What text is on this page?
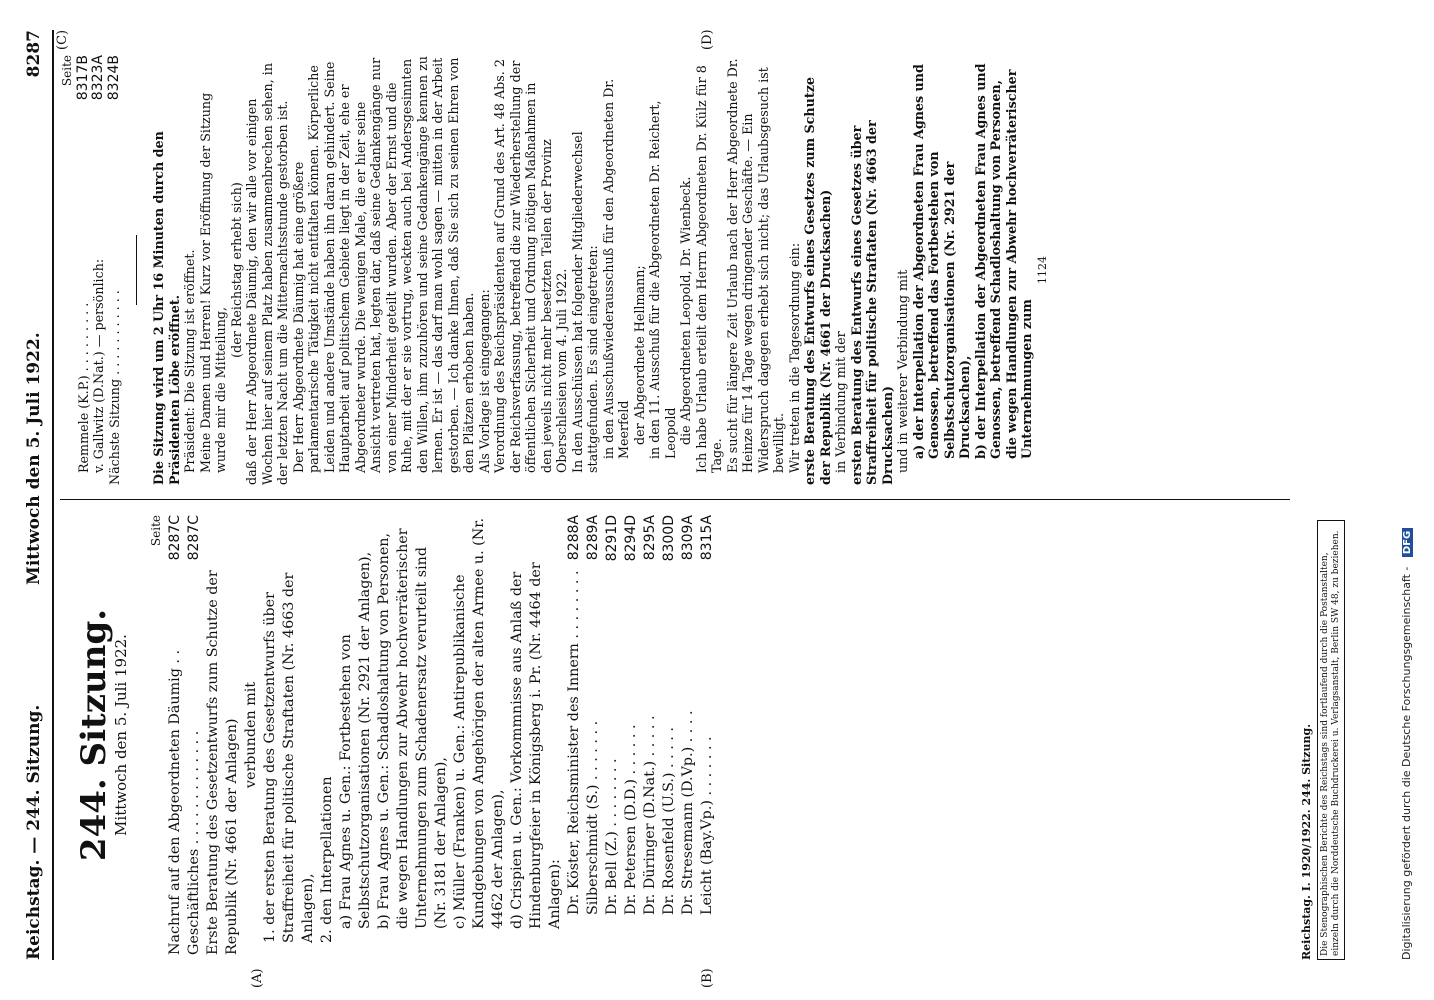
Digitalisierung gefördert durch die Deutsche Forschungsgemeinschaft - DFG
Reichstag. — 244. Sitzung.
Mittwoch den 5. Juli 1922.
8287
(A)	(B)
(C)	(D)
244. Sitzung.
Mittwoch den 5. Juli 1922.
Seite
Nachruf auf den Abgeordneten Däumig . .
8287C
Geschäftliches . . . . . . . . . . . . .
8287C

Erste Beratung des Gesetzentwurfs zum Schutze der Republik (Nr. 4661 der Anlagen) verbunden mit 1. der ersten Beratung des Gesetzentwurfs über Straffreiheit für politische Straftaten (Nr. 4663 der Anlagen), 2. den Interpellationen a) Frau Agnes u. Gen.: Fortbestehen von Selbstschutzorganisationen (Nr. 2921 der Anlagen), b) Frau Agnes u. Gen.: Schadloshaltung von Personen, die wegen Handlungen zur Abwehr hochverräterischer Unternehmungen zum Schadenersatz verurteilt sind (Nr. 3181 der Anlagen), c) Müller (Franken) u. Gen.: Antirepublikanische Kundgebungen von Angehörigen der alten Armee u. (Nr. 4462 der Anlagen), d) Crispien u. Gen.: Vorkommnisse aus Anlaß der Hindenburgfeier in Königsberg i. Pr. (Nr. 4464 der Anlagen): Dr. Köster, Reichsminister des Innern . . . . . . . .
8288A
Silberschmidt (S.) . . . . . . .
8289A
Dr. Bell (Z.) . . . . . . . .
8291D
Dr. Petersen (D.D.) . . . . . .
8294D
Dr. Düringer (D.Nat.) . . . . .
8295A
Dr. Rosenfeld (U.S.) . . . . .
8300D
Dr. Stresemann (D.Vp.) . . . .
8309A
Leicht (Bay.Vp.) . . . . . . .
8315A
Reichstag. I. 1920/1922. 244. Sitzung. Die Stenographischen Berichte des Reichstags sind fortlaufend durch die Postanstalten, einzeln durch die Norddeutsche Buchdruckerei u. Verlagsanstalt, Berlin SW 48, zu beziehen.
Seite
Remmele (K.P.) . . . . . . . . .
8317B
v. Gallwitz (D.Nat.) — persönlich:
8323A
Nächste Sitzung . . . . . . . . . . .
8324B

Die Sitzung wird um 2 Uhr 16 Minuten durch den Präsidenten Löbe eröffnet. Präsident: Die Sitzung ist eröffnet. Meine Damen und Herren! Kurz vor Eröffnung der Sitzung wurde mir die Mitteilung,

(der Reichstag erhebt sich) daß der Herr Abgeordnete Däumig, den wir alle vor einigen Wochen hier auf seinem Platz haben zusammenbrechen sehen, in der letzten Nacht um die Mitternachtsstunde gestorben ist. Der Herr Abgeordnete Däumig hat eine größere parlamentarische Tätigkeit nicht entfalten können. Körperliche Leiden und andere Umstände haben ihn daran gehindert. Seine Hauptarbeit auf politischem Gebiete liegt in der Zeit, ehe er Abgeordneter wurde. Die wenigen Male, die er hier seine Ansicht vertreten hat, legten dar, daß seine Gedankengänge nur von einer Minderheit geteilt wurden. Aber der Ernst und die Ruhe, mit der er sie vortrug, weckten auch bei Andersgesinnten den Willen, ihm zuzuhören und seine Gedankengänge kennen zu lernen. Er ist — das darf man wohl sagen — mitten in der Arbeit gestorben. — Ich danke Ihnen, daß Sie sich zu seinen Ehren von den Plätzen erhoben haben. Als Vorlage ist eingegangen: Verordnung des Reichspräsidenten auf Grund des Art. 48 Abs. 2 der Reichsverfassung, betreffend die zur Wiederherstellung der öffentlichen Sicherheit und Ordnung nötigen Maßnahmen in den jeweils nicht mehr besetzten Teilen der Provinz Oberschlesien vom 4. Juli 1922. In den Ausschüssen hat folgender Mitgliederwechsel stattgefunden. Es sind eingetreten: in den Ausschußwiederausschuß für den Abgeordneten Dr. Meerfeld der Abgeordnete Hellmann; in den 11. Ausschuß für die Abgeordneten Dr. Reichert, Leopold die Abgeordneten Leopold, Dr. Wienbeck. Ich habe Urlaub erteilt dem Herrn Abgeordneten Dr. Külz für 8 Tage. Es sucht für längere Zeit Urlaub nach der Herr Abgeordnete Dr. Heinze für 14 Tage wegen dringender Geschäfte. — Ein Widerspruch dagegen erhebt sich nicht; das Urlaubsgesuch ist bewilligt. Wir treten in die Tagesordnung ein: erste Beratung des Entwurfs eines Gesetzes zum Schutze der Republik (Nr. 4661 der Drucksachen) in Verbindung mit der ersten Beratung des Entwurfs eines Gesetzes über Straffreiheit für politische Straftaten (Nr. 4663 der Drucksachen) und in weiterer Verbindung mit a) der Interpellation der Abgeordneten Frau Agnes und Genossen, betreffend das Fortbestehen von Selbstschutzorganisationen (Nr. 2921 der Drucksachen), b) der Interpellation der Abgeordneten Frau Agnes und Genossen, betreffend Schadloshaltung von Personen, die wegen Handlungen zur Abwehr hochverräterischer Unternehmungen zum

1124
